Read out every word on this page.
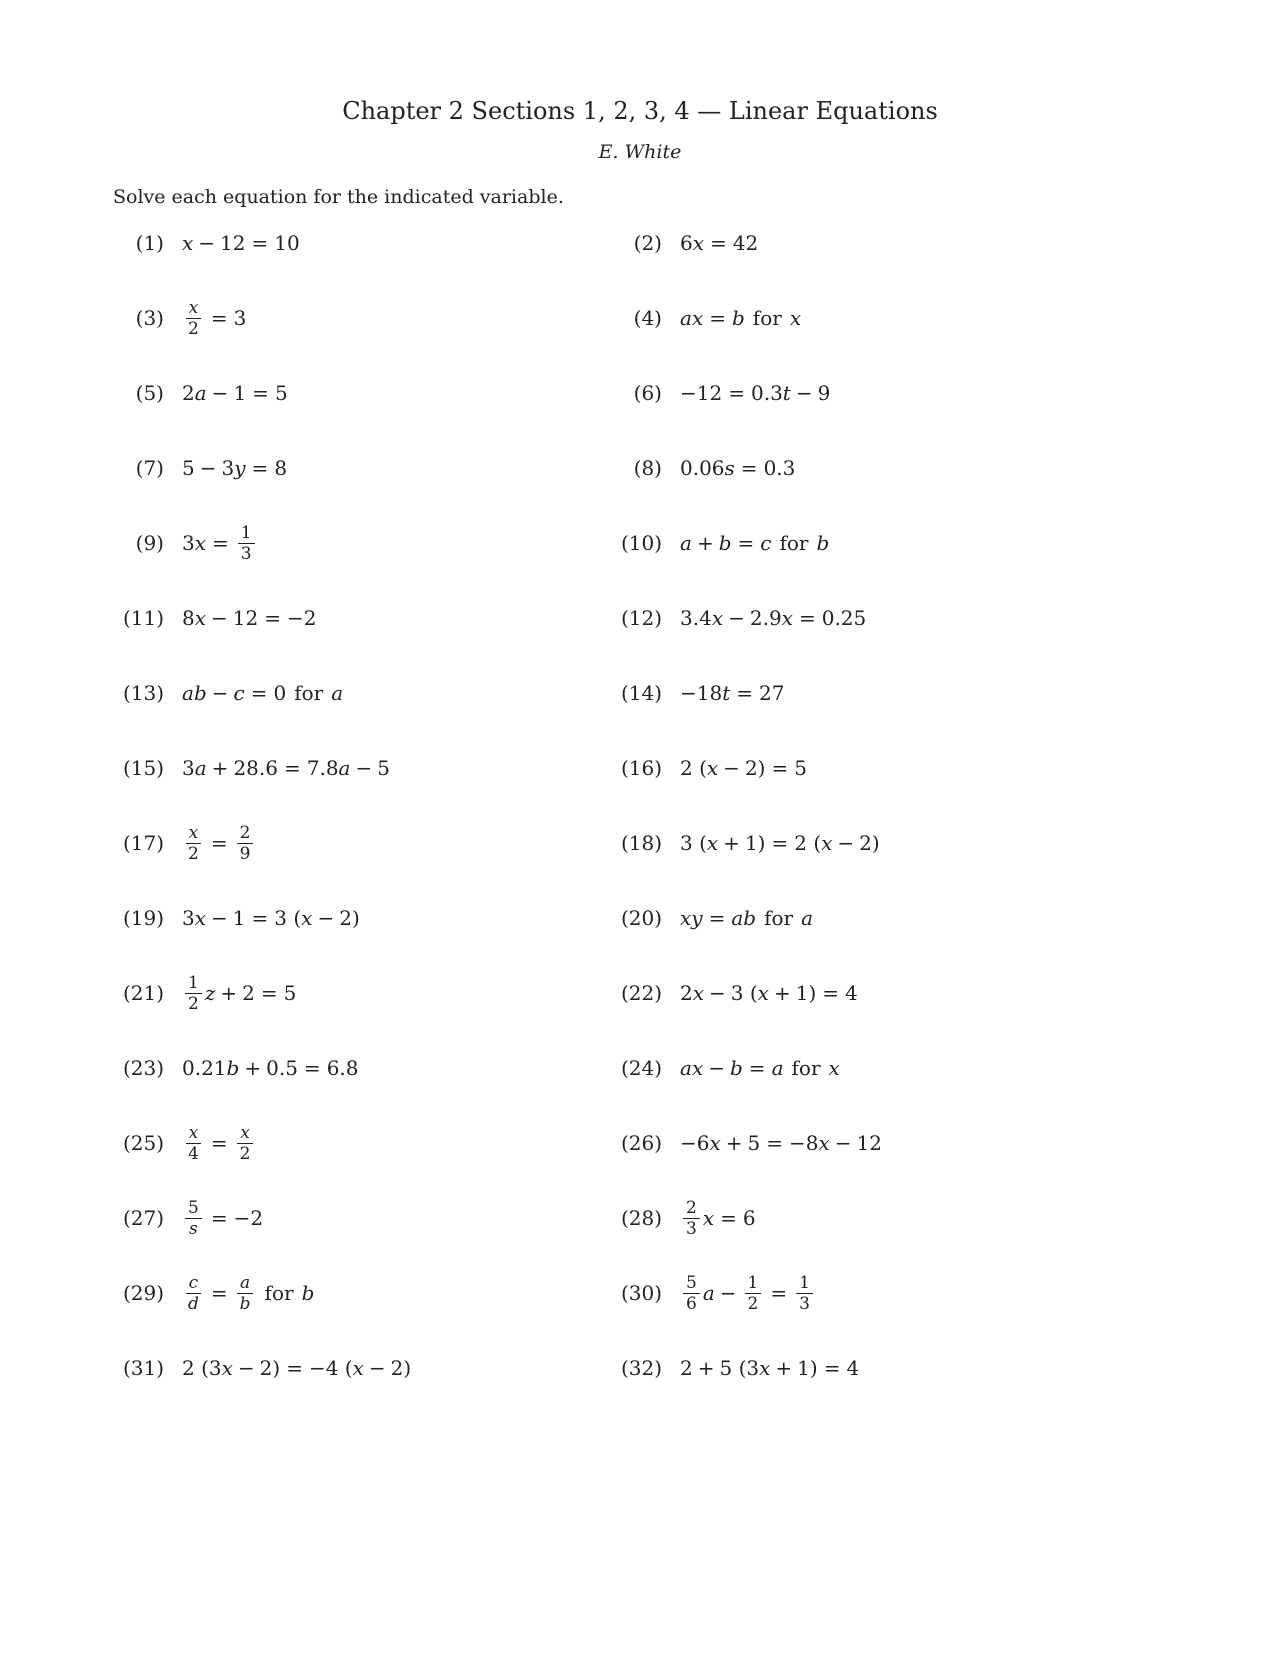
Chapter 2 Sections 1, 2, 3, 4 — Linear Equations
E. White
Solve each equation for the indicated variable.
(1) x − 12 = 10	(2) 6 x = 42
$(3) \frac{x}{2} = 3$	(4) a x = b for x
(5) 2 a − 1 = 5	(6) −12 = 0.3 t − 9
(7) 5 − 3 y = 8	(8) 0.06 s = 0.3
(9) 3 $x = \frac{1}{3}$	(10) a + b = c for b
(11) 8 x − 12 = −2	(12) 3.4 x − 2.9 x = 0.25
(13) a b − c = 0 for a	(14) −18 t = 27
(15) 3 a + 28.6 = 7.8 a − 5	(16) 2 ( x − 2) = 5
$(17) \frac{x}{2} = \frac{2}{9}$	(18) 3 ( x + 1) = 2 ( x − 2)
(19) 3 x − 1 = 3 ( x − 2)	(20) x y = a b for a
$(21) \frac{1}{2}$ z + 2 = 5	(22) 2 x − 3 ( x + 1) = 4
(23) 0.21 b + 0.5 = 6.8	(24) a x − b = a for x
$(25) \frac{x}{4} = \frac{x}{2}$	(26) −6 x + 5 = −8 x − 12
$(27) \frac{5}{s} = -2$	$(28) \frac{2}{3}$ x = 6
$(29) \frac{c}{d} = \frac{a}{b}$ for b	$(30) \frac{5}{6}$ $a - \frac{1}{2} = \frac{1}{3}$
(31) 2 (3 x − 2) = −4 ( x − 2)	(32) 2 + 5 (3 x + 1) = 4
